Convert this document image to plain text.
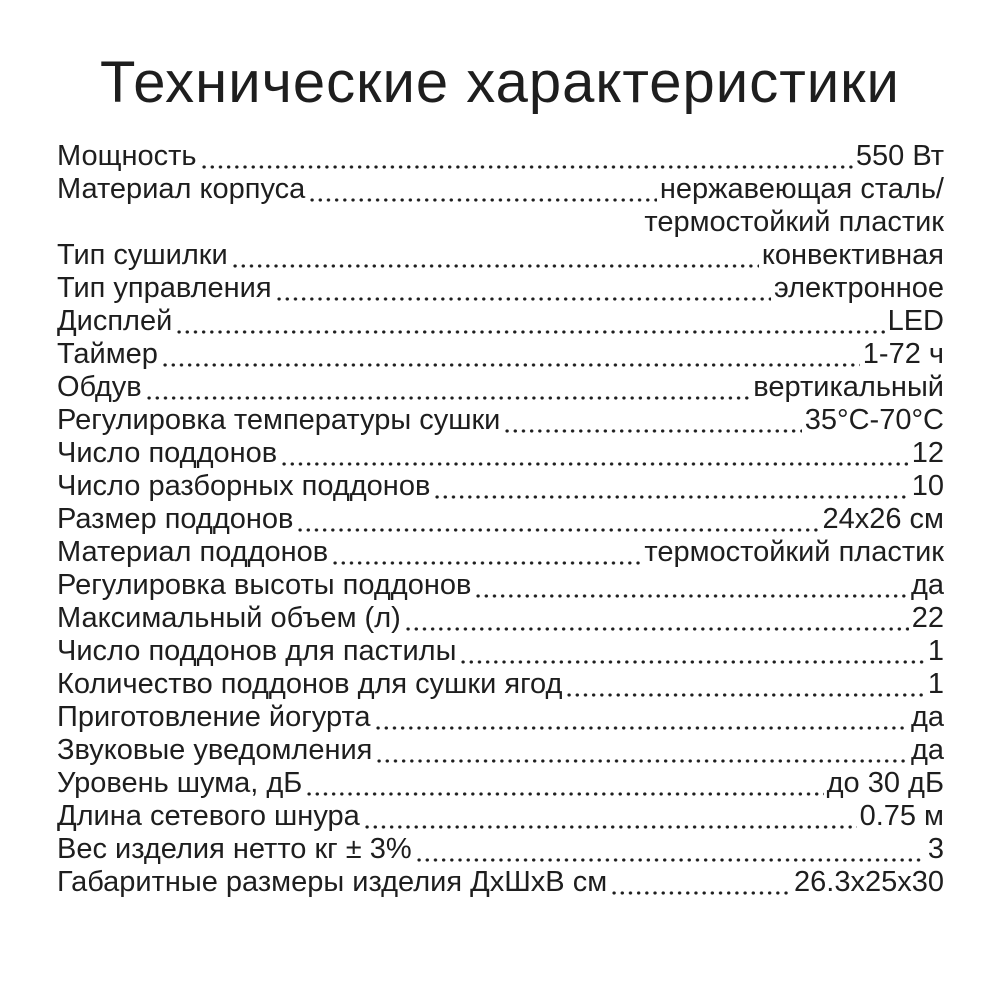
Технические характеристики
Мощность	550 Вт
Материал корпуса	нержавеющая сталь/
термостойкий пластик
Тип сушилки	конвективная
Тип управления	электронное
Дисплей	LED
Таймер	1-72 ч
Обдув	вертикальный
Регулировка температуры сушки	35°С-70°С
Число поддонов	12
Число разборных поддонов	10
Размер поддонов	24х26 см
Материал поддонов	термостойкий пластик
Регулировка высоты поддонов	да
Максимальный объем (л)	22
Число поддонов для пастилы	1
Количество поддонов для сушки ягод	1
Приготовление йогурта	да
Звуковые уведомления	да
Уровень шума, дБ	до 30 дБ
Длина сетевого шнура	0.75 м
Вес изделия нетто кг ± 3%	3
Габаритные размеры изделия ДхШхВ см	26.3х25х30
